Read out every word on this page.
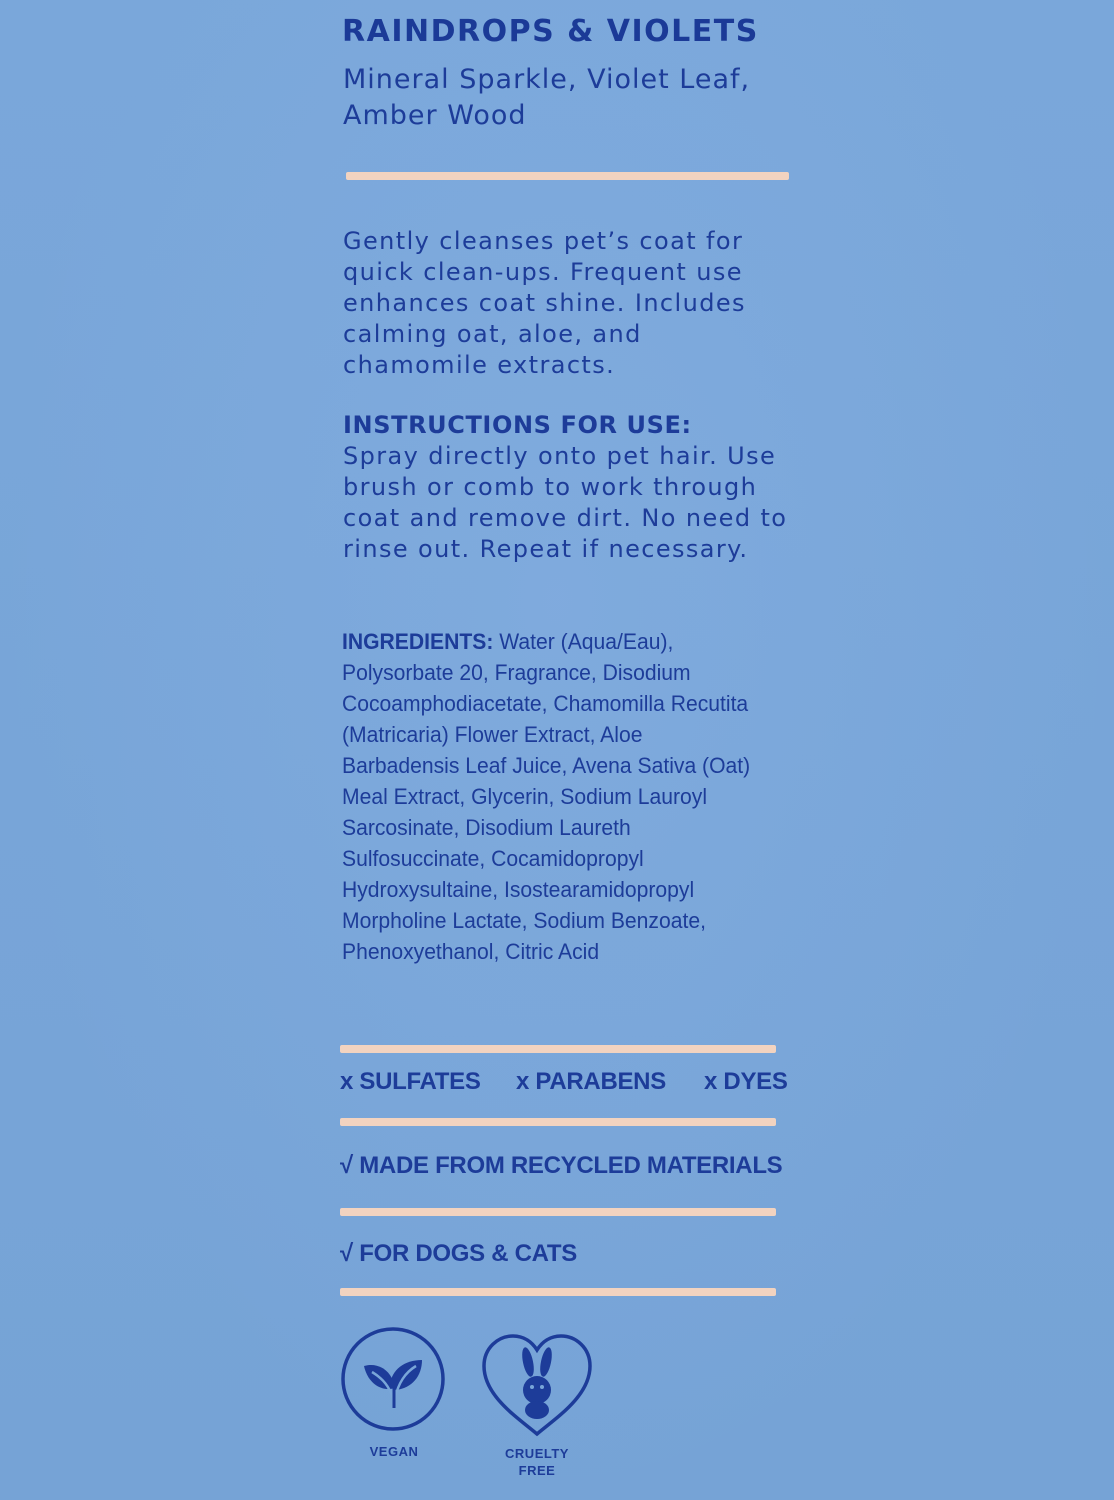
RAINDROPS & VIOLETS
Mineral Sparkle, Violet Leaf, Amber Wood
Gently cleanses pet’s coat for quick clean-ups. Frequent use enhances coat shine. Includes calming oat, aloe, and chamomile extracts.
INSTRUCTIONS FOR USE:
Spray directly onto pet hair. Use brush or comb to work through coat and remove dirt. No need to rinse out. Repeat if necessary.
INGREDIENTS: Water (Aqua/Eau), Polysorbate 20, Fragrance, Disodium Cocoamphodiacetate, Chamomilla Recutita (Matricaria) Flower Extract, Aloe Barbadensis Leaf Juice, Avena Sativa (Oat) Meal Extract, Glycerin, Sodium Lauroyl Sarcosinate, Disodium Laureth Sulfosuccinate, Cocamidopropyl Hydroxysultaine, Isostearamidopropyl Morpholine Lactate, Sodium Benzoate, Phenoxyethanol, Citric Acid
x SULFATES x PARABENS x DYES
√ MADE FROM RECYCLED MATERIALS
√ FOR DOGS & CATS
VEGAN	CRUELTY
FREE
